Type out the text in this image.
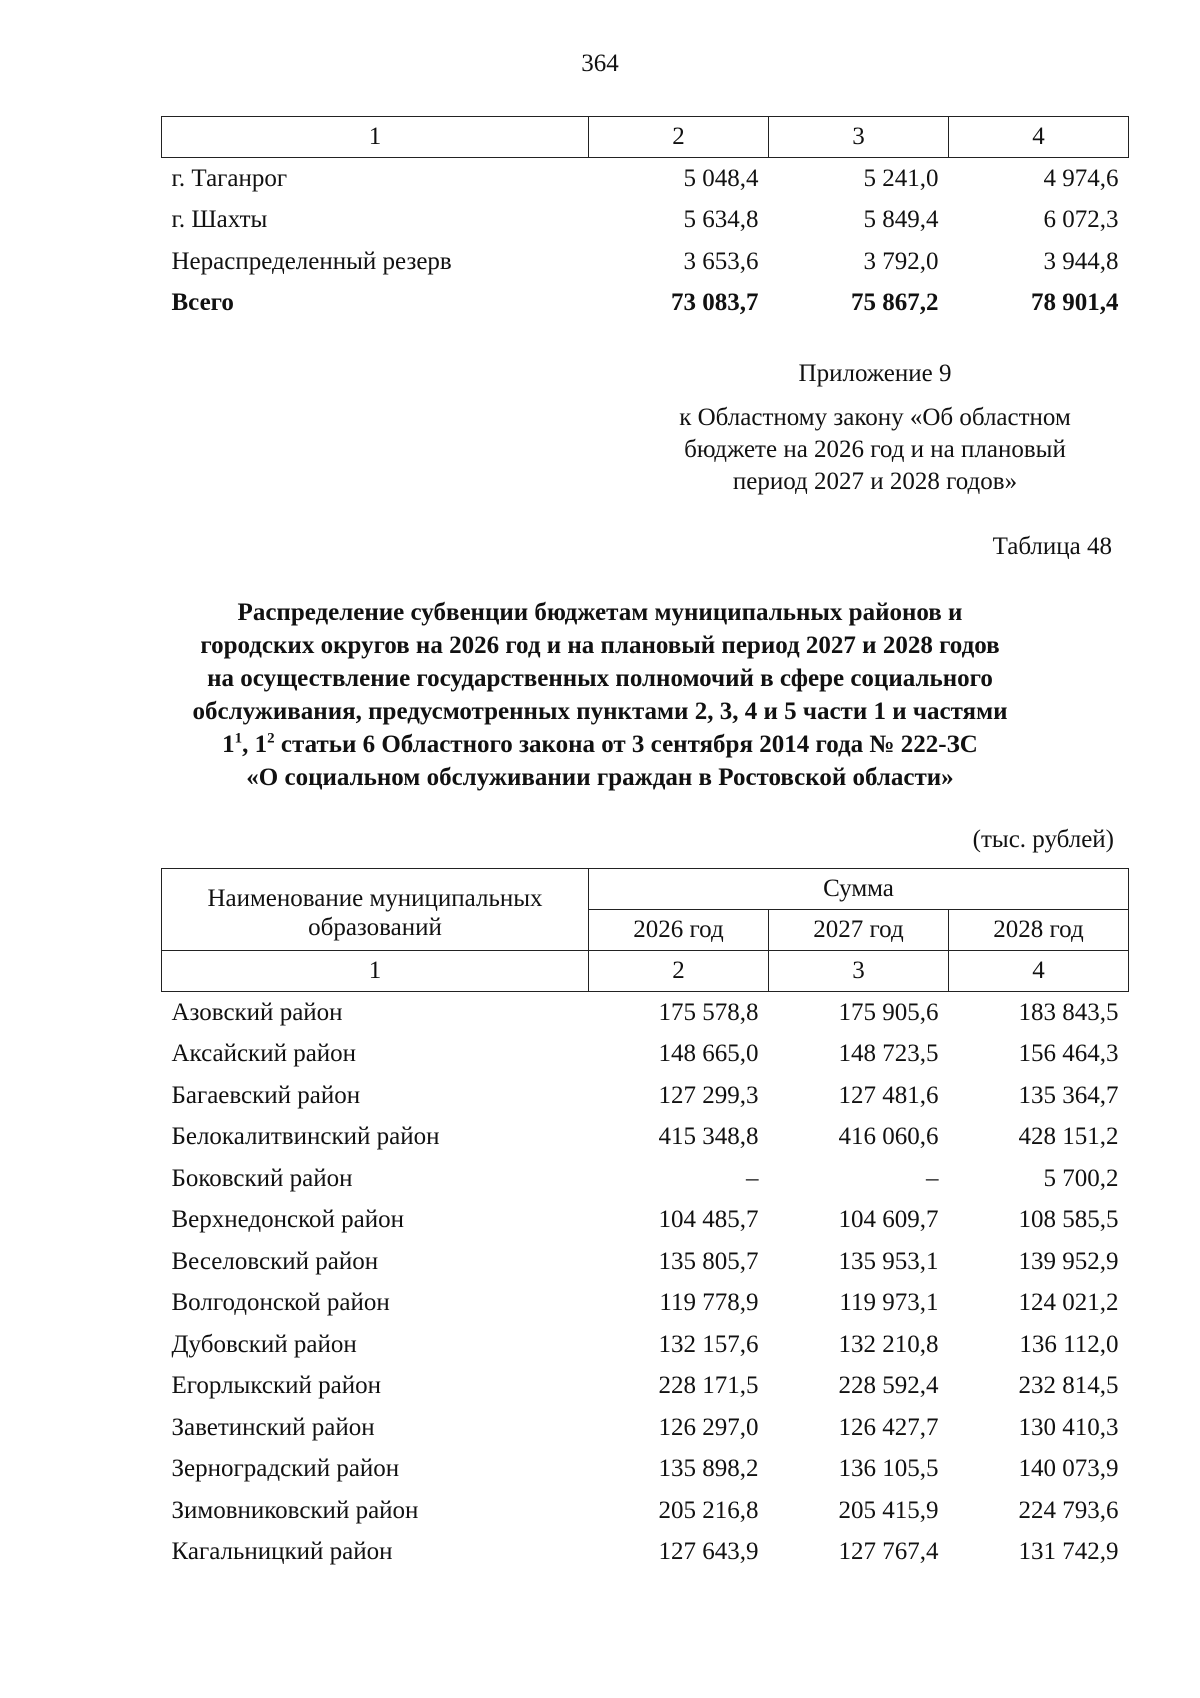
364
1	2	3	4
г. Таганрог	5 048,4	5 241,0	4 974,6
г. Шахты	5 634,8	5 849,4	6 072,3
Нераспределенный резерв	3 653,6	3 792,0	3 944,8
Всего	73 083,7	75 867,2	78 901,4
Приложение 9
к Областному закону «Об областном
бюджете на 2026 год и на плановый
период 2027 и 2028 годов»
Таблица 48
Распределение субвенции бюджетам муниципальных районов и
городских округов на 2026 год и на плановый период 2027 и 2028 годов
на осуществление государственных полномочий в сфере социального
обслуживания, предусмотренных пунктами 2, 3, 4 и 5 части 1 и частями
$1^1$, $1^2$ статьи 6 Областного закона от 3 сентября 2014 года № 222-ЗС
«О социальном обслуживании граждан в Ростовской области»
(тыс. рублей)
Наименование муниципальных
образований	Сумма		
	2026 год	2027 год	2028 год
1	2	3	4
Азовский район	175 578,8	175 905,6	183 843,5
Аксайский район	148 665,0	148 723,5	156 464,3
Багаевский район	127 299,3	127 481,6	135 364,7
Белокалитвинский район	415 348,8	416 060,6	428 151,2
Боковский район	–	–	5 700,2
Верхнедонской район	104 485,7	104 609,7	108 585,5
Веселовский район	135 805,7	135 953,1	139 952,9
Волгодонской район	119 778,9	119 973,1	124 021,2
Дубовский район	132 157,6	132 210,8	136 112,0
Егорлыкский район	228 171,5	228 592,4	232 814,5
Заветинский район	126 297,0	126 427,7	130 410,3
Зерноградский район	135 898,2	136 105,5	140 073,9
Зимовниковский район	205 216,8	205 415,9	224 793,6
Кагальницкий район	127 643,9	127 767,4	131 742,9
